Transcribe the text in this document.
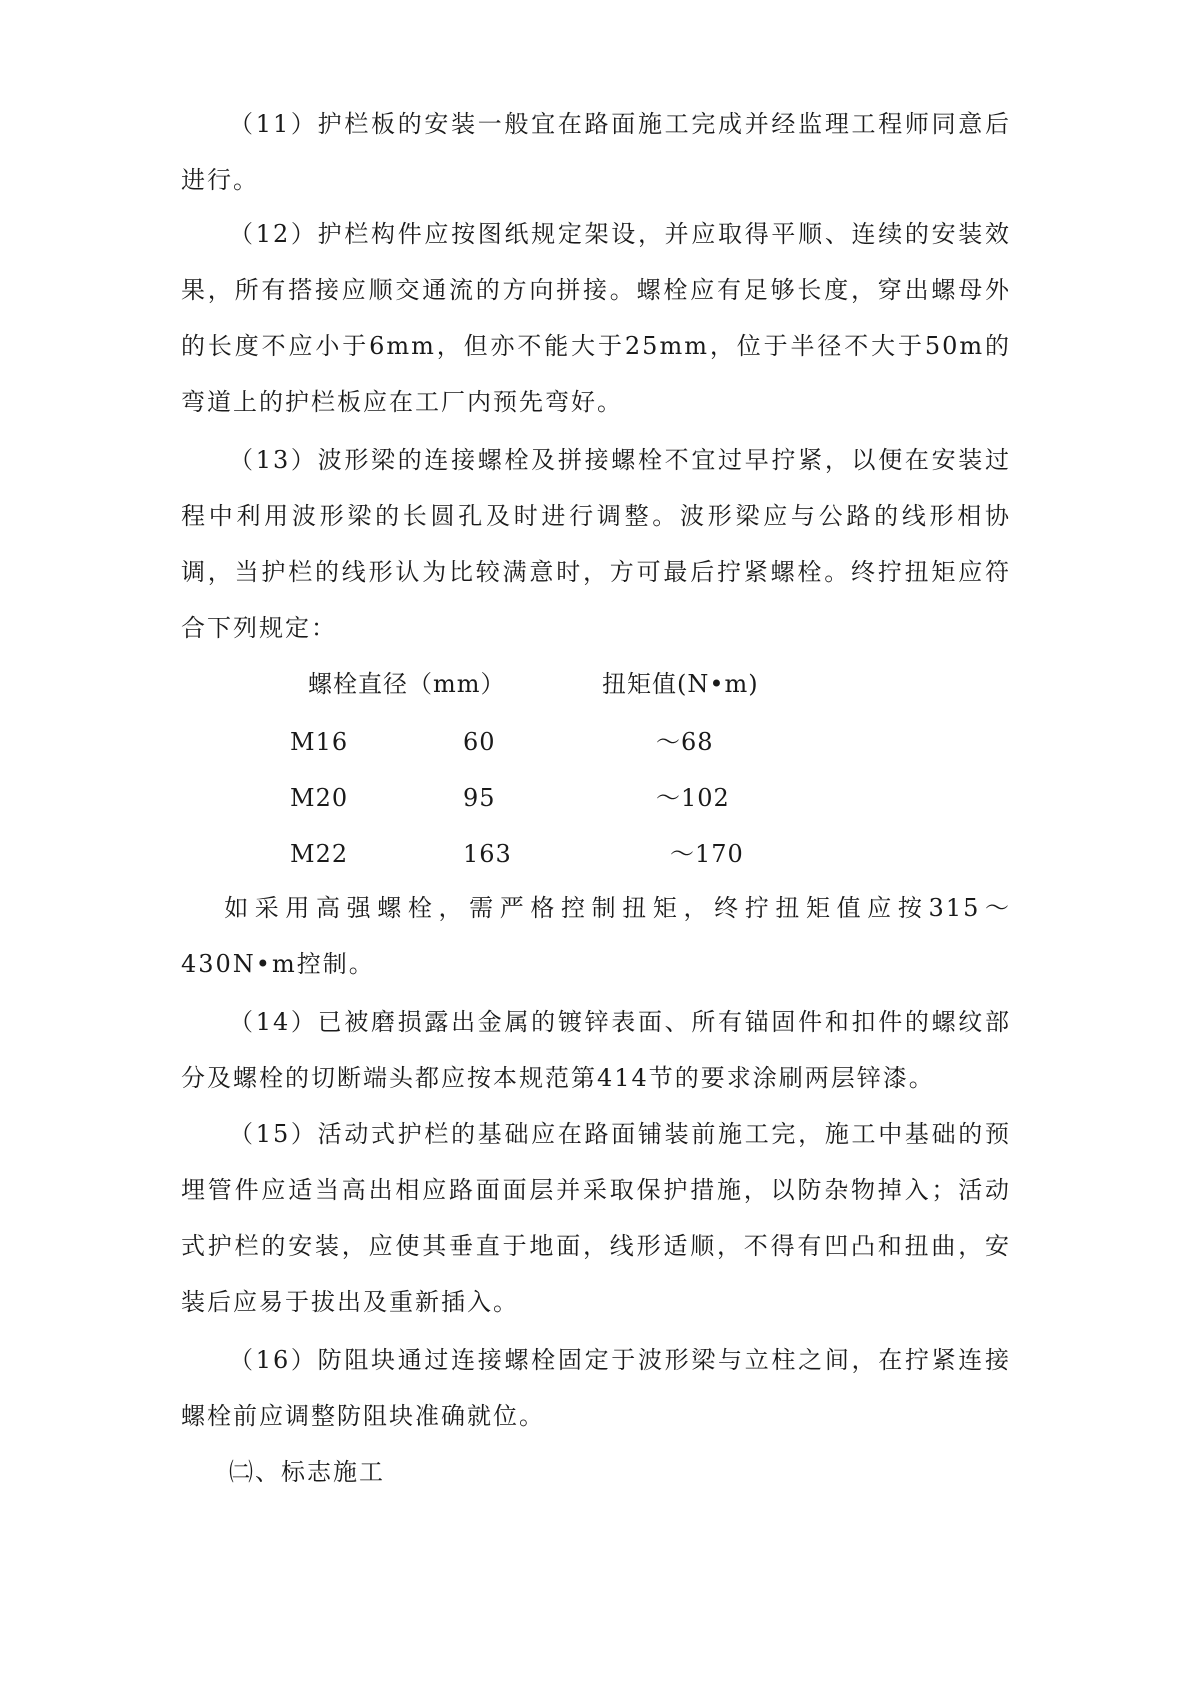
（11）护栏板的安装一般宜在路面施工完成并经监理工程师同意后进行。

（12）护栏构件应按图纸规定架设，并应取得平顺、连续的安装效果，所有搭接应顺交通流的方向拼接。螺栓应有足够长度，穿出螺母外的长度不应小于6mm，但亦不能大于25mm，位于半径不大于50m的弯道上的护栏板应在工厂内预先弯好。

（13）波形梁的连接螺栓及拼接螺栓不宜过早拧紧，以便在安装过程中利用波形梁的长圆孔及时进行调整。波形梁应与公路的线形相协调，当护栏的线形认为比较满意时，方可最后拧紧螺栓。终拧扭矩应符合下列规定：

螺栓直径（mm）	扭矩值(N•m)
M16	60	～68
M20	95	～102
M22	163	～170

如采用高强螺栓，需严格控制扭矩，终拧扭矩值应按315～430N•m控制。

（14）已被磨损露出金属的镀锌表面、所有锚固件和扣件的螺纹部分及螺栓的切断端头都应按本规范第414节的要求涂刷两层锌漆。

（15）活动式护栏的基础应在路面铺装前施工完，施工中基础的预埋管件应适当高出相应路面面层并采取保护措施，以防杂物掉入；活动式护栏的安装，应使其垂直于地面，线形适顺，不得有凹凸和扭曲，安装后应易于拔出及重新插入。

（16）防阻块通过连接螺栓固定于波形梁与立柱之间，在拧紧连接螺栓前应调整防阻块准确就位。

㈡、标志施工
